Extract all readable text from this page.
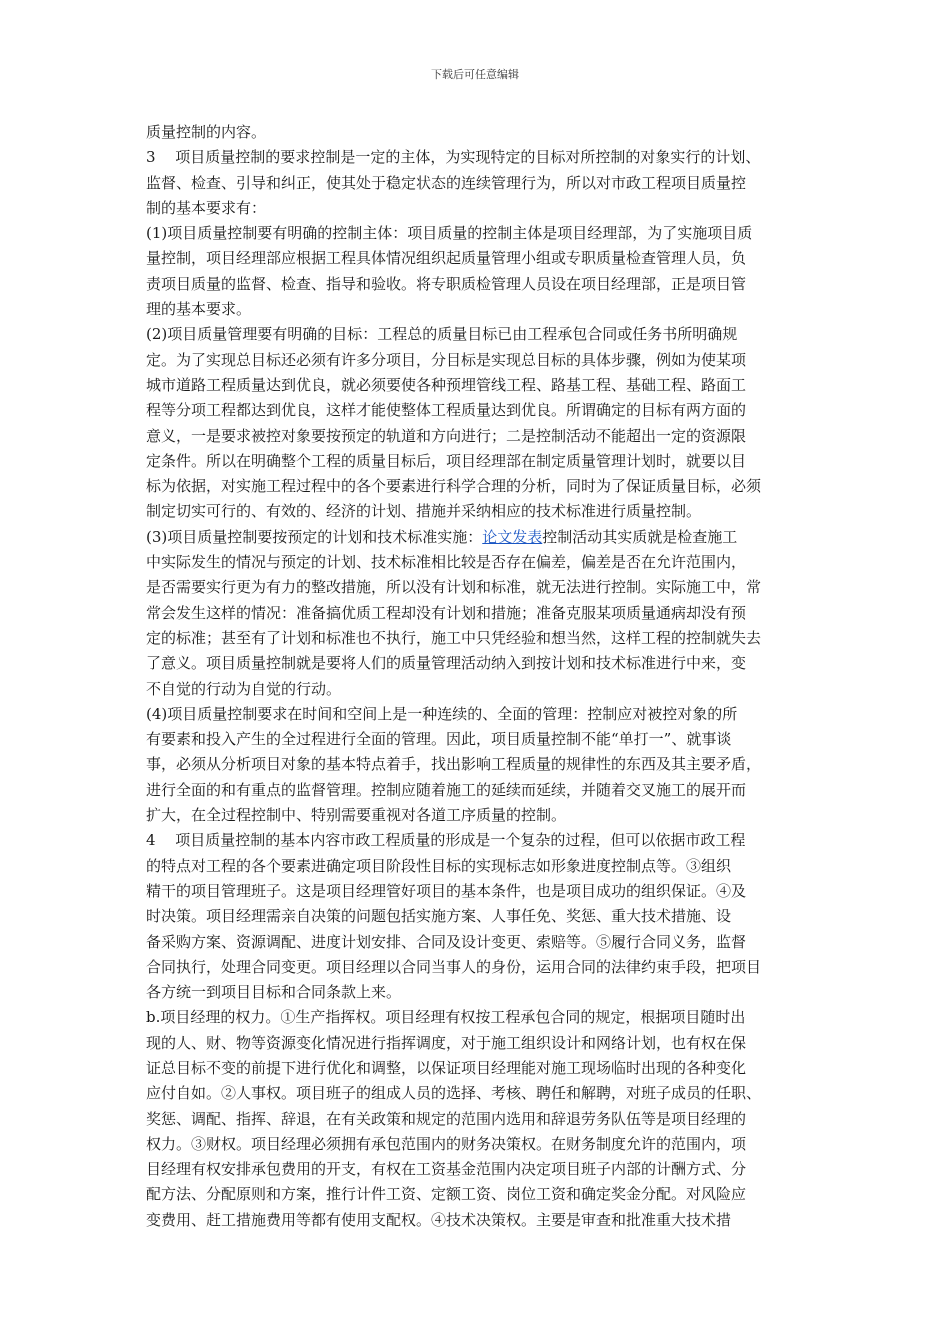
下载后可任意编辑
质量控制的内容。
3　 项目质量控制的要求控制是一定的主体，为实现特定的目标对所控制的对象实行的计划、
监督、检查、引导和纠正，使其处于稳定状态的连续管理行为，所以对市政工程项目质量控
制的基本要求有：
(1)项目质量控制要有明确的控制主体：项目质量的控制主体是项目经理部，为了实施项目质
量控制，项目经理部应根据工程具体情况组织起质量管理小组或专职质量检查管理人员，负
责项目质量的监督、检查、指导和验收。将专职质检管理人员设在项目经理部，正是项目管
理的基本要求。
(2)项目质量管理要有明确的目标：工程总的质量目标已由工程承包合同或任务书所明确规
定。为了实现总目标还必须有许多分项目，分目标是实现总目标的具体步骤，例如为使某项
城市道路工程质量达到优良，就必须要使各种预埋管线工程、路基工程、基础工程、路面工
程等分项工程都达到优良，这样才能使整体工程质量达到优良。所谓确定的目标有两方面的
意义，一是要求被控对象要按预定的轨道和方向进行；二是控制活动不能超出一定的资源限
定条件。所以在明确整个工程的质量目标后，项目经理部在制定质量管理计划时，就要以目
标为依据，对实施工程过程中的各个要素进行科学合理的分析，同时为了保证质量目标，必须
制定切实可行的、有效的、经济的计划、措施并采纳相应的技术标准进行质量控制。
(3)项目质量控制要按预定的计划和技术标准实施：论文发表控制活动其实质就是检查施工
中实际发生的情况与预定的计划、技术标准相比较是否存在偏差，偏差是否在允许范围内，
是否需要实行更为有力的整改措施，所以没有计划和标准，就无法进行控制。实际施工中，常
常会发生这样的情况：准备搞优质工程却没有计划和措施；准备克服某项质量通病却没有预
定的标准；甚至有了计划和标准也不执行，施工中只凭经验和想当然，这样工程的控制就失去
了意义。项目质量控制就是要将人们的质量管理活动纳入到按计划和技术标准进行中来，变
不自觉的行动为自觉的行动。
(4)项目质量控制要求在时间和空间上是一种连续的、全面的管理：控制应对被控对象的所
有要素和投入产生的全过程进行全面的管理。因此，项目质量控制不能“单打一”、就事谈
事，必须从分析项目对象的基本特点着手，找出影响工程质量的规律性的东西及其主要矛盾，
进行全面的和有重点的监督管理。控制应随着施工的延续而延续，并随着交叉施工的展开而
扩大，在全过程控制中、特别需要重视对各道工序质量的控制。
4　 项目质量控制的基本内容市政工程质量的形成是一个复杂的过程，但可以依据市政工程
的特点对工程的各个要素进确定项目阶段性目标的实现标志如形象进度控制点等。③组织
精干的项目管理班子。这是项目经理管好项目的基本条件，也是项目成功的组织保证。④及
时决策。项目经理需亲自决策的问题包括实施方案、人事任免、奖惩、重大技术措施、设
备采购方案、资源调配、进度计划安排、合同及设计变更、索赔等。⑤履行合同义务，监督
合同执行，处理合同变更。项目经理以合同当事人的身份，运用合同的法律约束手段，把项目
各方统一到项目目标和合同条款上来。
b.项目经理的权力。①生产指挥权。项目经理有权按工程承包合同的规定，根据项目随时出
现的人、财、物等资源变化情况进行指挥调度，对于施工组织设计和网络计划，也有权在保
证总目标不变的前提下进行优化和调整，以保证项目经理能对施工现场临时出现的各种变化
应付自如。②人事权。项目班子的组成人员的选择、考核、聘任和解聘，对班子成员的任职、
奖惩、调配、指挥、辞退，在有关政策和规定的范围内选用和辞退劳务队伍等是项目经理的
权力。③财权。项目经理必须拥有承包范围内的财务决策权。在财务制度允许的范围内，项
目经理有权安排承包费用的开支，有权在工资基金范围内决定项目班子内部的计酬方式、分
配方法、分配原则和方案，推行计件工资、定额工资、岗位工资和确定奖金分配。对风险应
变费用、赶工措施费用等都有使用支配权。④技术决策权。主要是审查和批准重大技术措
